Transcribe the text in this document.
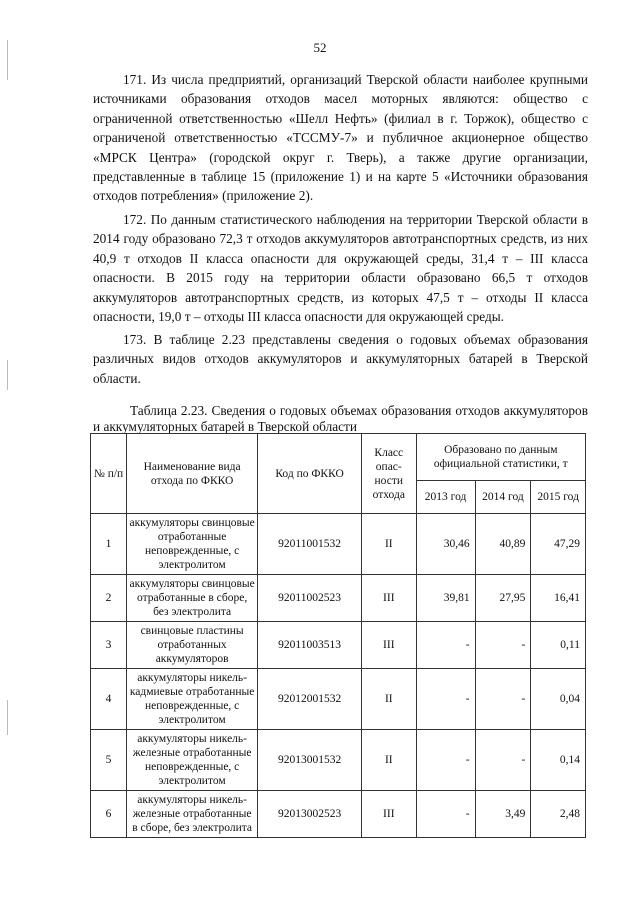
52

171. Из числа предприятий, организаций Тверской области наиболее крупными источниками образования отходов масел моторных являются: общество с ограниченной ответственностью «Шелл Нефть» (филиал в г. Торжок), общество с ограниченой ответственностью «ТССМУ-7» и публичное акционерное общество «МРСК Центра» (городской округ г. Тверь), а также другие организации, представленные в таблице 15 (приложение 1) и на карте 5 «Источники образования отходов потребления» (приложение 2).

172. По данным статистического наблюдения на территории Тверской области в 2014 году образовано 72,3 т отходов аккумуляторов автотранспортных средств, из них 40,9 т отходов II класса опасности для окружающей среды, 31,4 т – III класса опасности. В 2015 году на территории области образовано 66,5 т отходов аккумуляторов автотранспортных средств, из которых 47,5 т – отходы II класса опасности, 19,0 т – отходы III класса опасности для окружающей среды.

173. В таблице 2.23 представлены сведения о годовых объемах образования различных видов отходов аккумуляторов и аккумуляторных батарей в Тверской области.

Таблица 2.23. Сведения о годовых объемах образования отходов аккумуляторов и аккумуляторных батарей в Тверской области

№ п/п	Наименование вида отхода по ФККО	Код по ФККО	Класс опас-ности отхода	Образовано по данным официальной статистики, т		
				2013 год	2014 год	2015 год
1	аккумуляторы свинцовые отработанные неповрежденные, с электролитом	92011001532	II	30,46	40,89	47,29
2	аккумуляторы свинцовые отработанные в сборе, без электролита	92011002523	III	39,81	27,95	16,41
3	свинцовые пластины отработанных аккумуляторов	92011003513	III	-	-	0,11
4	аккумуляторы никель-кадмиевые отработанные неповрежденные, с электролитом	92012001532	II	-	-	0,04
5	аккумуляторы никель-железные отработанные неповрежденные, с электролитом	92013001532	II	-	-	0,14
6	аккумуляторы никель-железные отработанные в сборе, без электролита	92013002523	III	-	3,49	2,48
